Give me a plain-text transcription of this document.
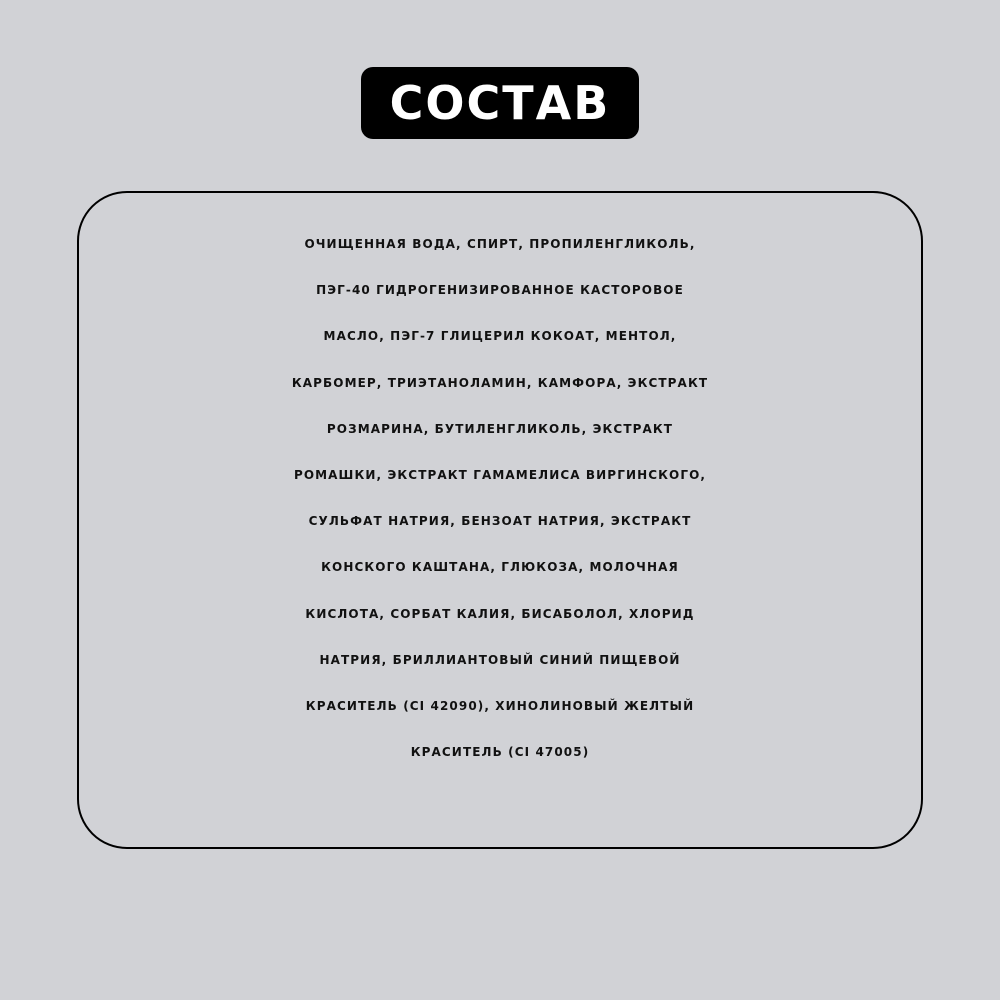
СОСТАВ
ОЧИЩЕННАЯ ВОДА, СПИРТ, ПРОПИЛЕНГЛИКОЛЬ,
ПЭГ-40 ГИДРОГЕНИЗИРОВАННОЕ КАСТОРОВОЕ
МАСЛО, ПЭГ-7 ГЛИЦЕРИЛ КОКОАТ, МЕНТОЛ,
КАРБОМЕР, ТРИЭТАНОЛАМИН, КАМФОРА, ЭКСТРАКТ
РОЗМАРИНА, БУТИЛЕНГЛИКОЛЬ, ЭКСТРАКТ
РОМАШКИ, ЭКСТРАКТ ГАМАМЕЛИСА ВИРГИНСКОГО,
СУЛЬФАТ НАТРИЯ, БЕНЗОАТ НАТРИЯ, ЭКСТРАКТ
КОНСКОГО КАШТАНА, ГЛЮКОЗА, МОЛОЧНАЯ
КИСЛОТА, СОРБАТ КАЛИЯ, БИСАБОЛОЛ, ХЛОРИД
НАТРИЯ, БРИЛЛИАНТОВЫЙ СИНИЙ ПИЩЕВОЙ
КРАСИТЕЛЬ (CI 42090), ХИНОЛИНОВЫЙ ЖЕЛТЫЙ
КРАСИТЕЛЬ (CI 47005)
